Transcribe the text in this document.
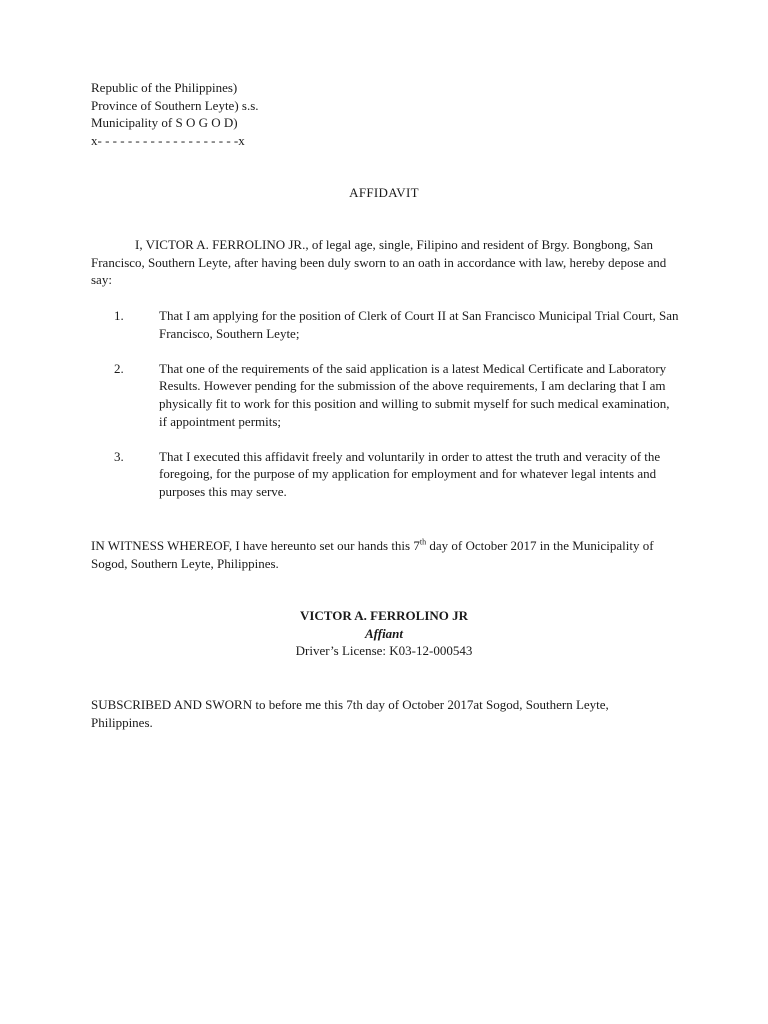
Republic of the Philippines)
Province of Southern Leyte) s.s.
Municipality of S O G O D)
x- - - - - - - - - - - - - - - - - - -x
AFFIDAVIT
I, VICTOR A. FERROLINO JR., of legal age, single, Filipino and resident of Brgy. Bongbong, San Francisco, Southern Leyte, after having been duly sworn to an oath in accordance with law, hereby depose and say:
1.	That I am applying for the position of Clerk of Court II at San Francisco Municipal Trial Court, San Francisco, Southern Leyte;
2.	That one of the requirements of the said application is a latest Medical Certificate and Laboratory Results. However pending for the submission of the above requirements, I am declaring that I am physically fit to work for this position and willing to submit myself for such medical examination, if appointment permits;
3.	That I executed this affidavit freely and voluntarily in order to attest the truth and veracity of the foregoing, for the purpose of my application for employment and for whatever legal intents and purposes this may serve.
IN WITNESS WHEREOF, I have hereunto set our hands this 7th day of October 2017 in the Municipality of Sogod, Southern Leyte, Philippines.
VICTOR A. FERROLINO JR
Affiant
Driver’s License: K03-12-000543
SUBSCRIBED AND SWORN to before me this 7th day of October 2017at Sogod, Southern Leyte, Philippines.
